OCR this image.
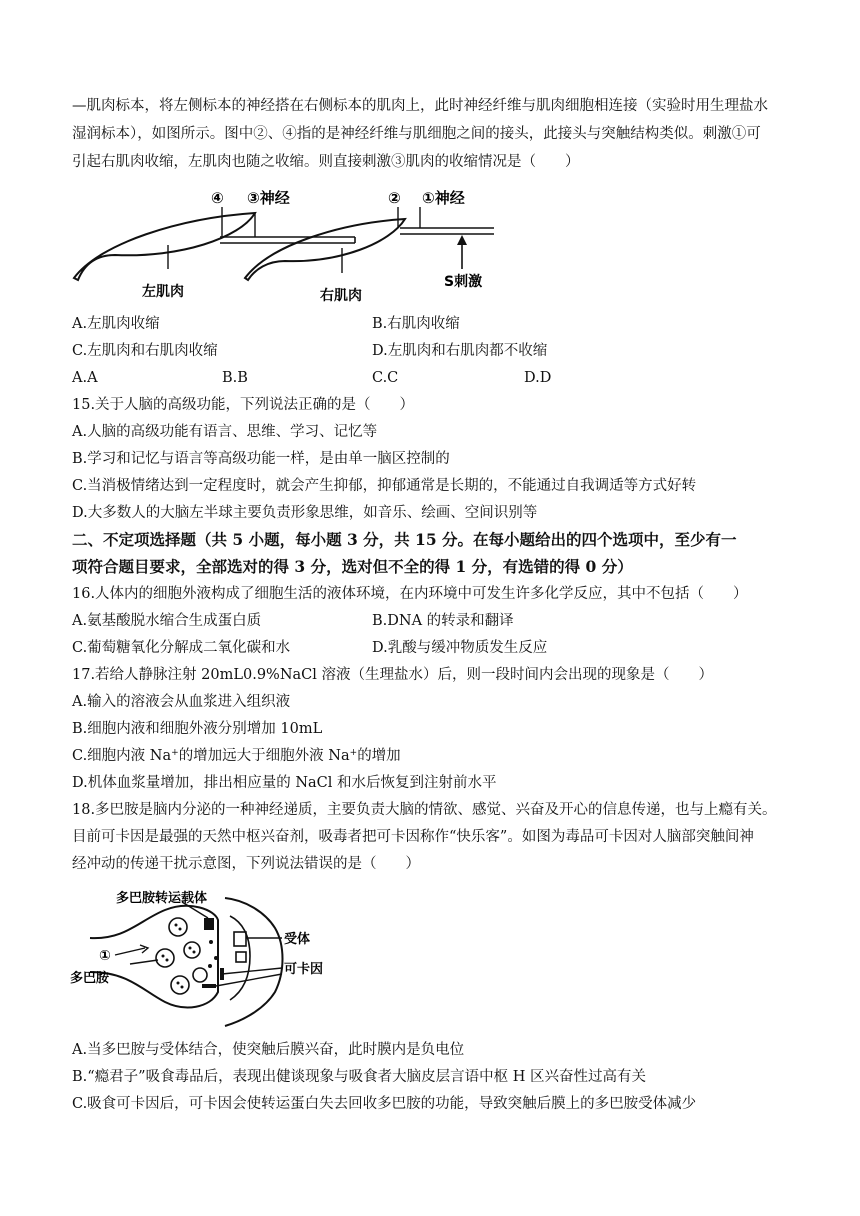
—肌肉标本，将左侧标本的神经搭在右侧标本的肌肉上，此时神经纤维与肌肉细胞相连接（实验时用生理盐水
湿润标本），如图所示。图中②、④指的是神经纤维与肌细胞之间的接头，此接头与突触结构类似。刺激①可
引起右肌肉收缩，左肌肉也随之收缩。则直接刺激③肌肉的收缩情况是（　　）
④ ③神经	② ①神经
左肌肉	右肌肉
S刺激
A.左肌肉收缩	B.右肌肉收缩
C.左肌肉和右肌肉收缩	D.左肌肉和右肌肉都不收缩
A.A	B.B	C.C	D.D
15.关于人脑的高级功能，下列说法正确的是（　　）
A.人脑的高级功能有语言、思维、学习、记忆等
B.学习和记忆与语言等高级功能一样，是由单一脑区控制的
C.当消极情绪达到一定程度时，就会产生抑郁，抑郁通常是长期的，不能通过自我调适等方式好转
D.大多数人的大脑左半球主要负责形象思维，如音乐、绘画、空间识别等
二、不定项选择题（共 5 小题，每小题 3 分，共 15 分。在每小题给出的四个选项中，至少有一
项符合题目要求，全部选对的得 3 分，选对但不全的得 1 分，有选错的得 0 分）
16.人体内的细胞外液构成了细胞生活的液体环境，在内环境中可发生许多化学反应，其中不包括（　　）
A.氨基酸脱水缩合生成蛋白质	B.DNA 的转录和翻译
C.葡萄糖氧化分解成二氧化碳和水	D.乳酸与缓冲物质发生反应
17.若给人静脉注射 20mL0.9%NaCl 溶液（生理盐水）后，则一段时间内会出现的现象是（　　）
A.输入的溶液会从血浆进入组织液
B.细胞内液和细胞外液分别增加 10mL
C.细胞内液 Na+的增加远大于细胞外液 Na+的增加
D.机体血浆量增加，排出相应量的 NaCl 和水后恢复到注射前水平
18.多巴胺是脑内分泌的一种神经递质，主要负责大脑的情欲、感觉、兴奋及开心的信息传递，也与上瘾有关。
目前可卡因是最强的天然中枢兴奋剂，吸毒者把可卡因称作“快乐客”。如图为毒品可卡因对人脑部突触间神
经冲动的传递干扰示意图，下列说法错误的是（　　）
多巴胺转运载体
①
多巴胺
受体
可卡因
A.当多巴胺与受体结合，使突触后膜兴奋，此时膜内是负电位
B.“瘾君子”吸食毒品后，表现出健谈现象与吸食者大脑皮层言语中枢 H 区兴奋性过高有关
C.吸食可卡因后，可卡因会使转运蛋白失去回收多巴胺的功能，导致突触后膜上的多巴胺受体减少
